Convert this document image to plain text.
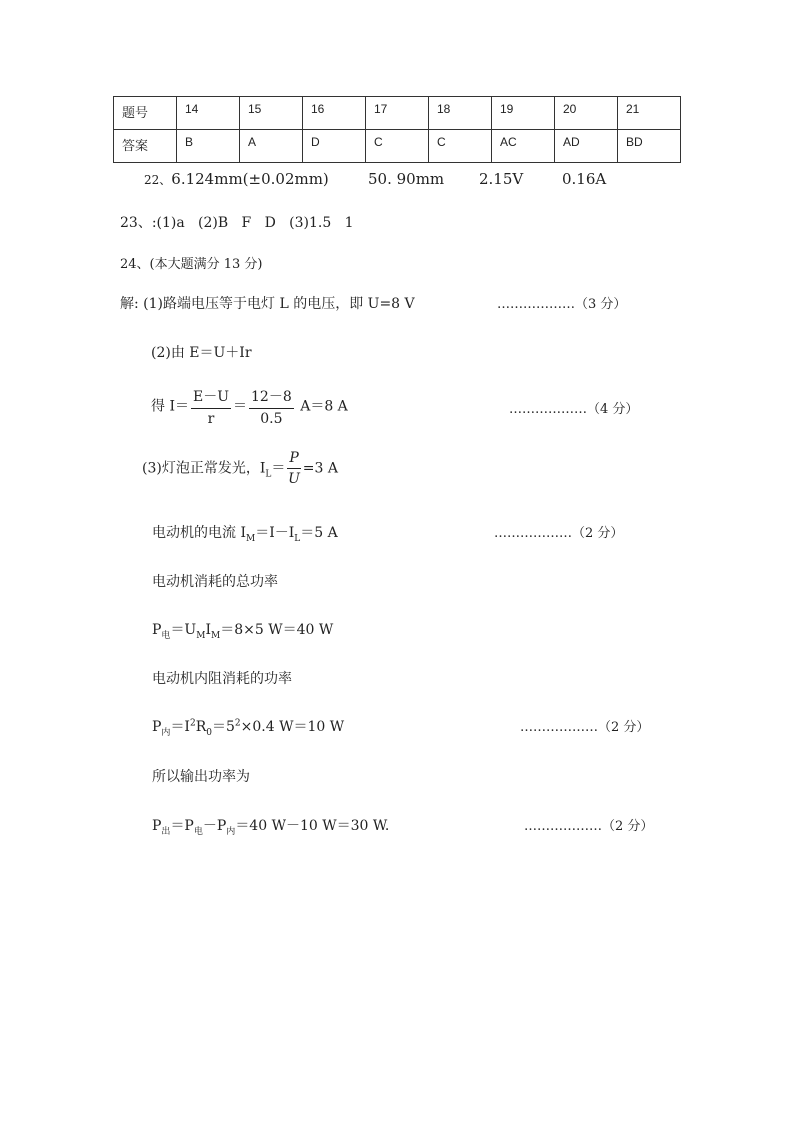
题号	14	15	16	17	18	19	20	21
答案	B	A	D	C	C	AC	AD	BD
22、6.124mm(±0.02mm)	50. 90mm 2.15V	0.16A
23、:(1)a   (2)B   F   D   (3)1.5   1
24、(本大题满分 13 分)
解: (1)路端电压等于电灯 L 的电压，即 U=8 V	………………（3 分）
(2)由 E＝U＋Ir
得 $I= \frac{E-U}{r} = \frac{12-8}{0.5} A=8$ A	………………（4 分）
(3)灯泡正常发光，$I_L= \frac{P}{U} =3$ A
电动机的电流 $I_M=I-I_L=5$ A	………………（2 分）
电动机消耗的总功率
$P_电=U_MI_M=8\times 5$ W＝40 W
电动机内阻消耗的功率
$P_内=I^2R_0=5^2\times 0.4$ W＝10 W	………………（2 分）
所以输出功率为
$P_出=P_电-P_内=40$ W－10 W＝30 W.	………………（2 分）
